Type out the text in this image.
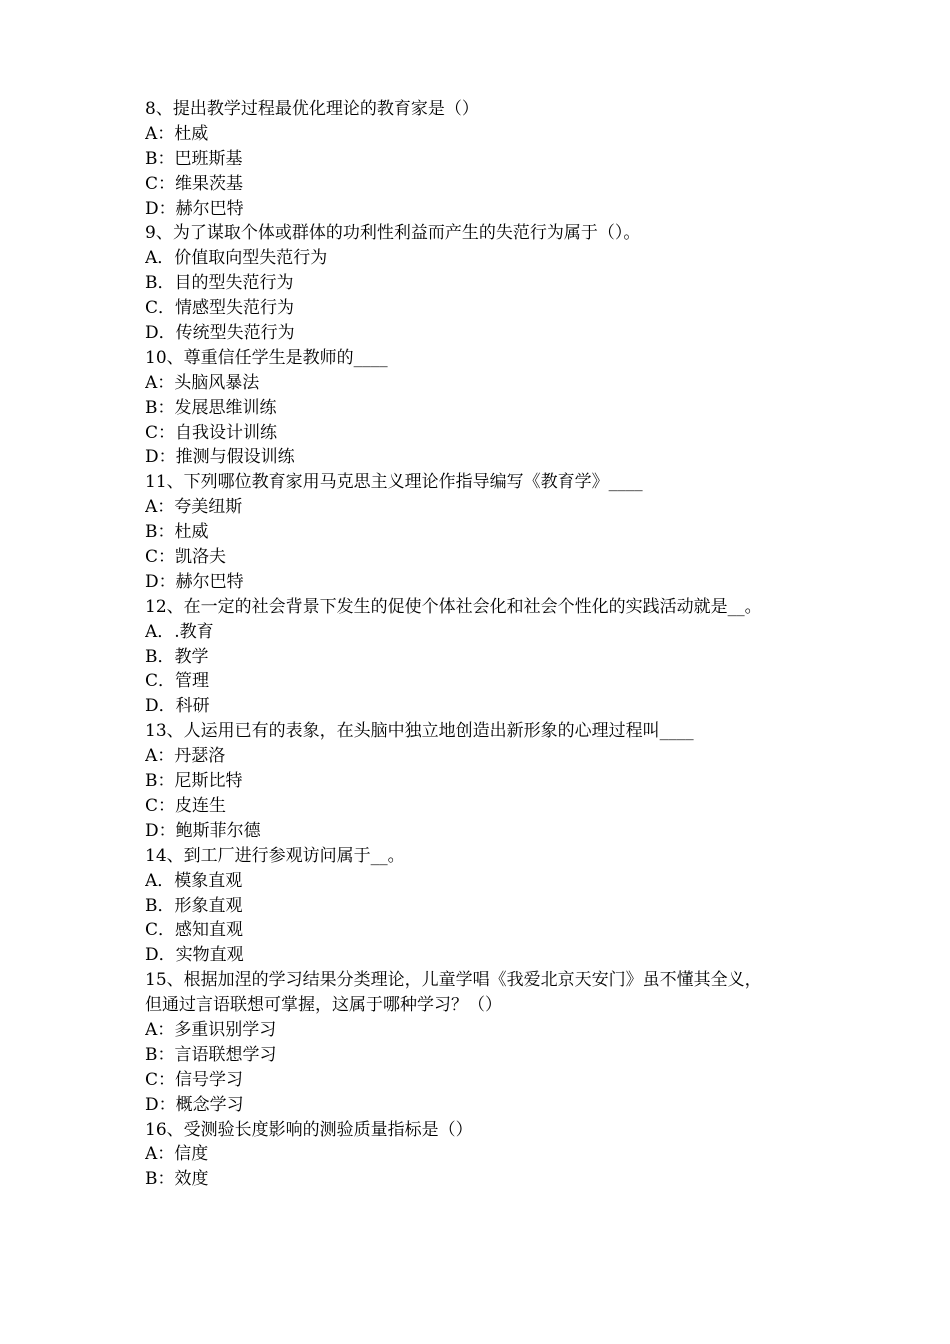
8、提出教学过程最优化理论的教育家是（）
A：杜威
B：巴班斯基
C：维果茨基
D：赫尔巴特
9、为了谋取个体或群体的功利性利益而产生的失范行为属于（）。
A．价值取向型失范行为
B．目的型失范行为
C．情感型失范行为
D．传统型失范行为
10、尊重信任学生是教师的____
A：头脑风暴法
B：发展思维训练
C：自我设计训练
D：推测与假设训练
11、下列哪位教育家用马克思主义理论作指导编写《教育学》____
A：夸美纽斯
B：杜威
C：凯洛夫
D：赫尔巴特
12、在一定的社会背景下发生的促使个体社会化和社会个性化的实践活动就是__。
A．.教育
B．教学
C．管理
D．科研
13、人运用已有的表象，在头脑中独立地创造出新形象的心理过程叫____
A：丹瑟洛
B：尼斯比特
C：皮连生
D：鲍斯菲尔德
14、到工厂进行参观访问属于__。
A．模象直观
B．形象直观
C．感知直观
D．实物直观
15、根据加涅的学习结果分类理论，儿童学唱《我爱北京天安门》虽不懂其全义，
但通过言语联想可掌握，这属于哪种学习？（）
A：多重识别学习
B：言语联想学习
C：信号学习
D：概念学习
16、受测验长度影响的测验质量指标是（）
A：信度
B：效度
